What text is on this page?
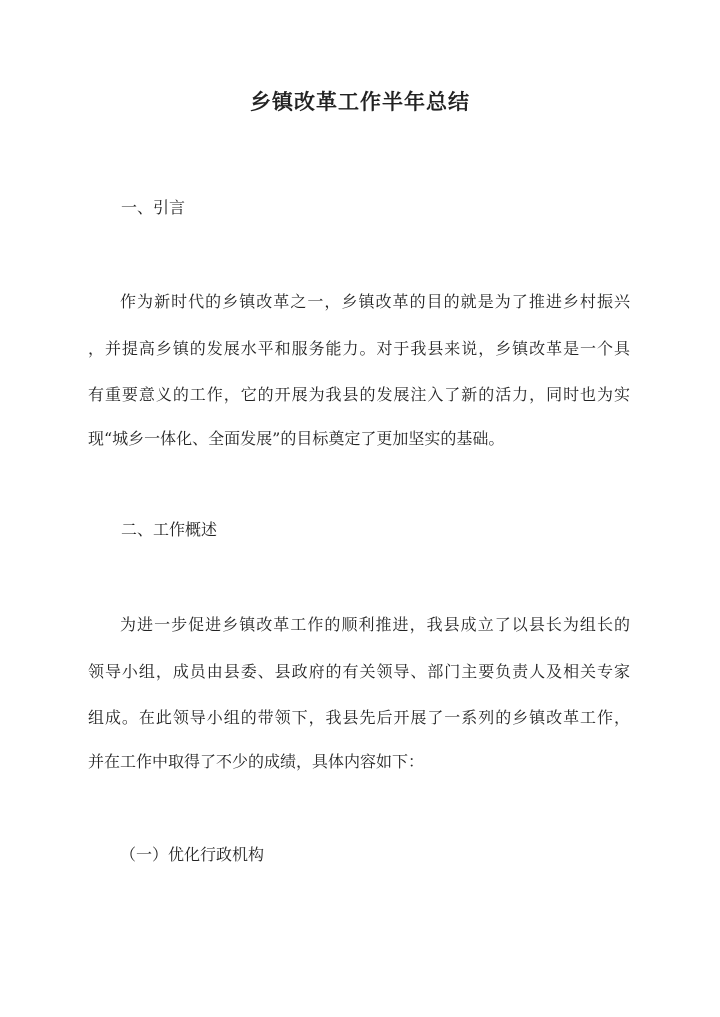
乡镇改革工作半年总结
一、引言
作为新时代的乡镇改革之一，乡镇改革的目的就是为了推进乡村振兴
，并提高乡镇的发展水平和服务能力。对于我县来说，乡镇改革是一个具
有重要意义的工作，它的开展为我县的发展注入了新的活力，同时也为实
现“城乡一体化、全面发展”的目标奠定了更加坚实的基础。
二、工作概述
为进一步促进乡镇改革工作的顺利推进，我县成立了以县长为组长的
领导小组，成员由县委、县政府的有关领导、部门主要负责人及相关专家
组成。在此领导小组的带领下，我县先后开展了一系列的乡镇改革工作，
并在工作中取得了不少的成绩，具体内容如下：
（一）优化行政机构
